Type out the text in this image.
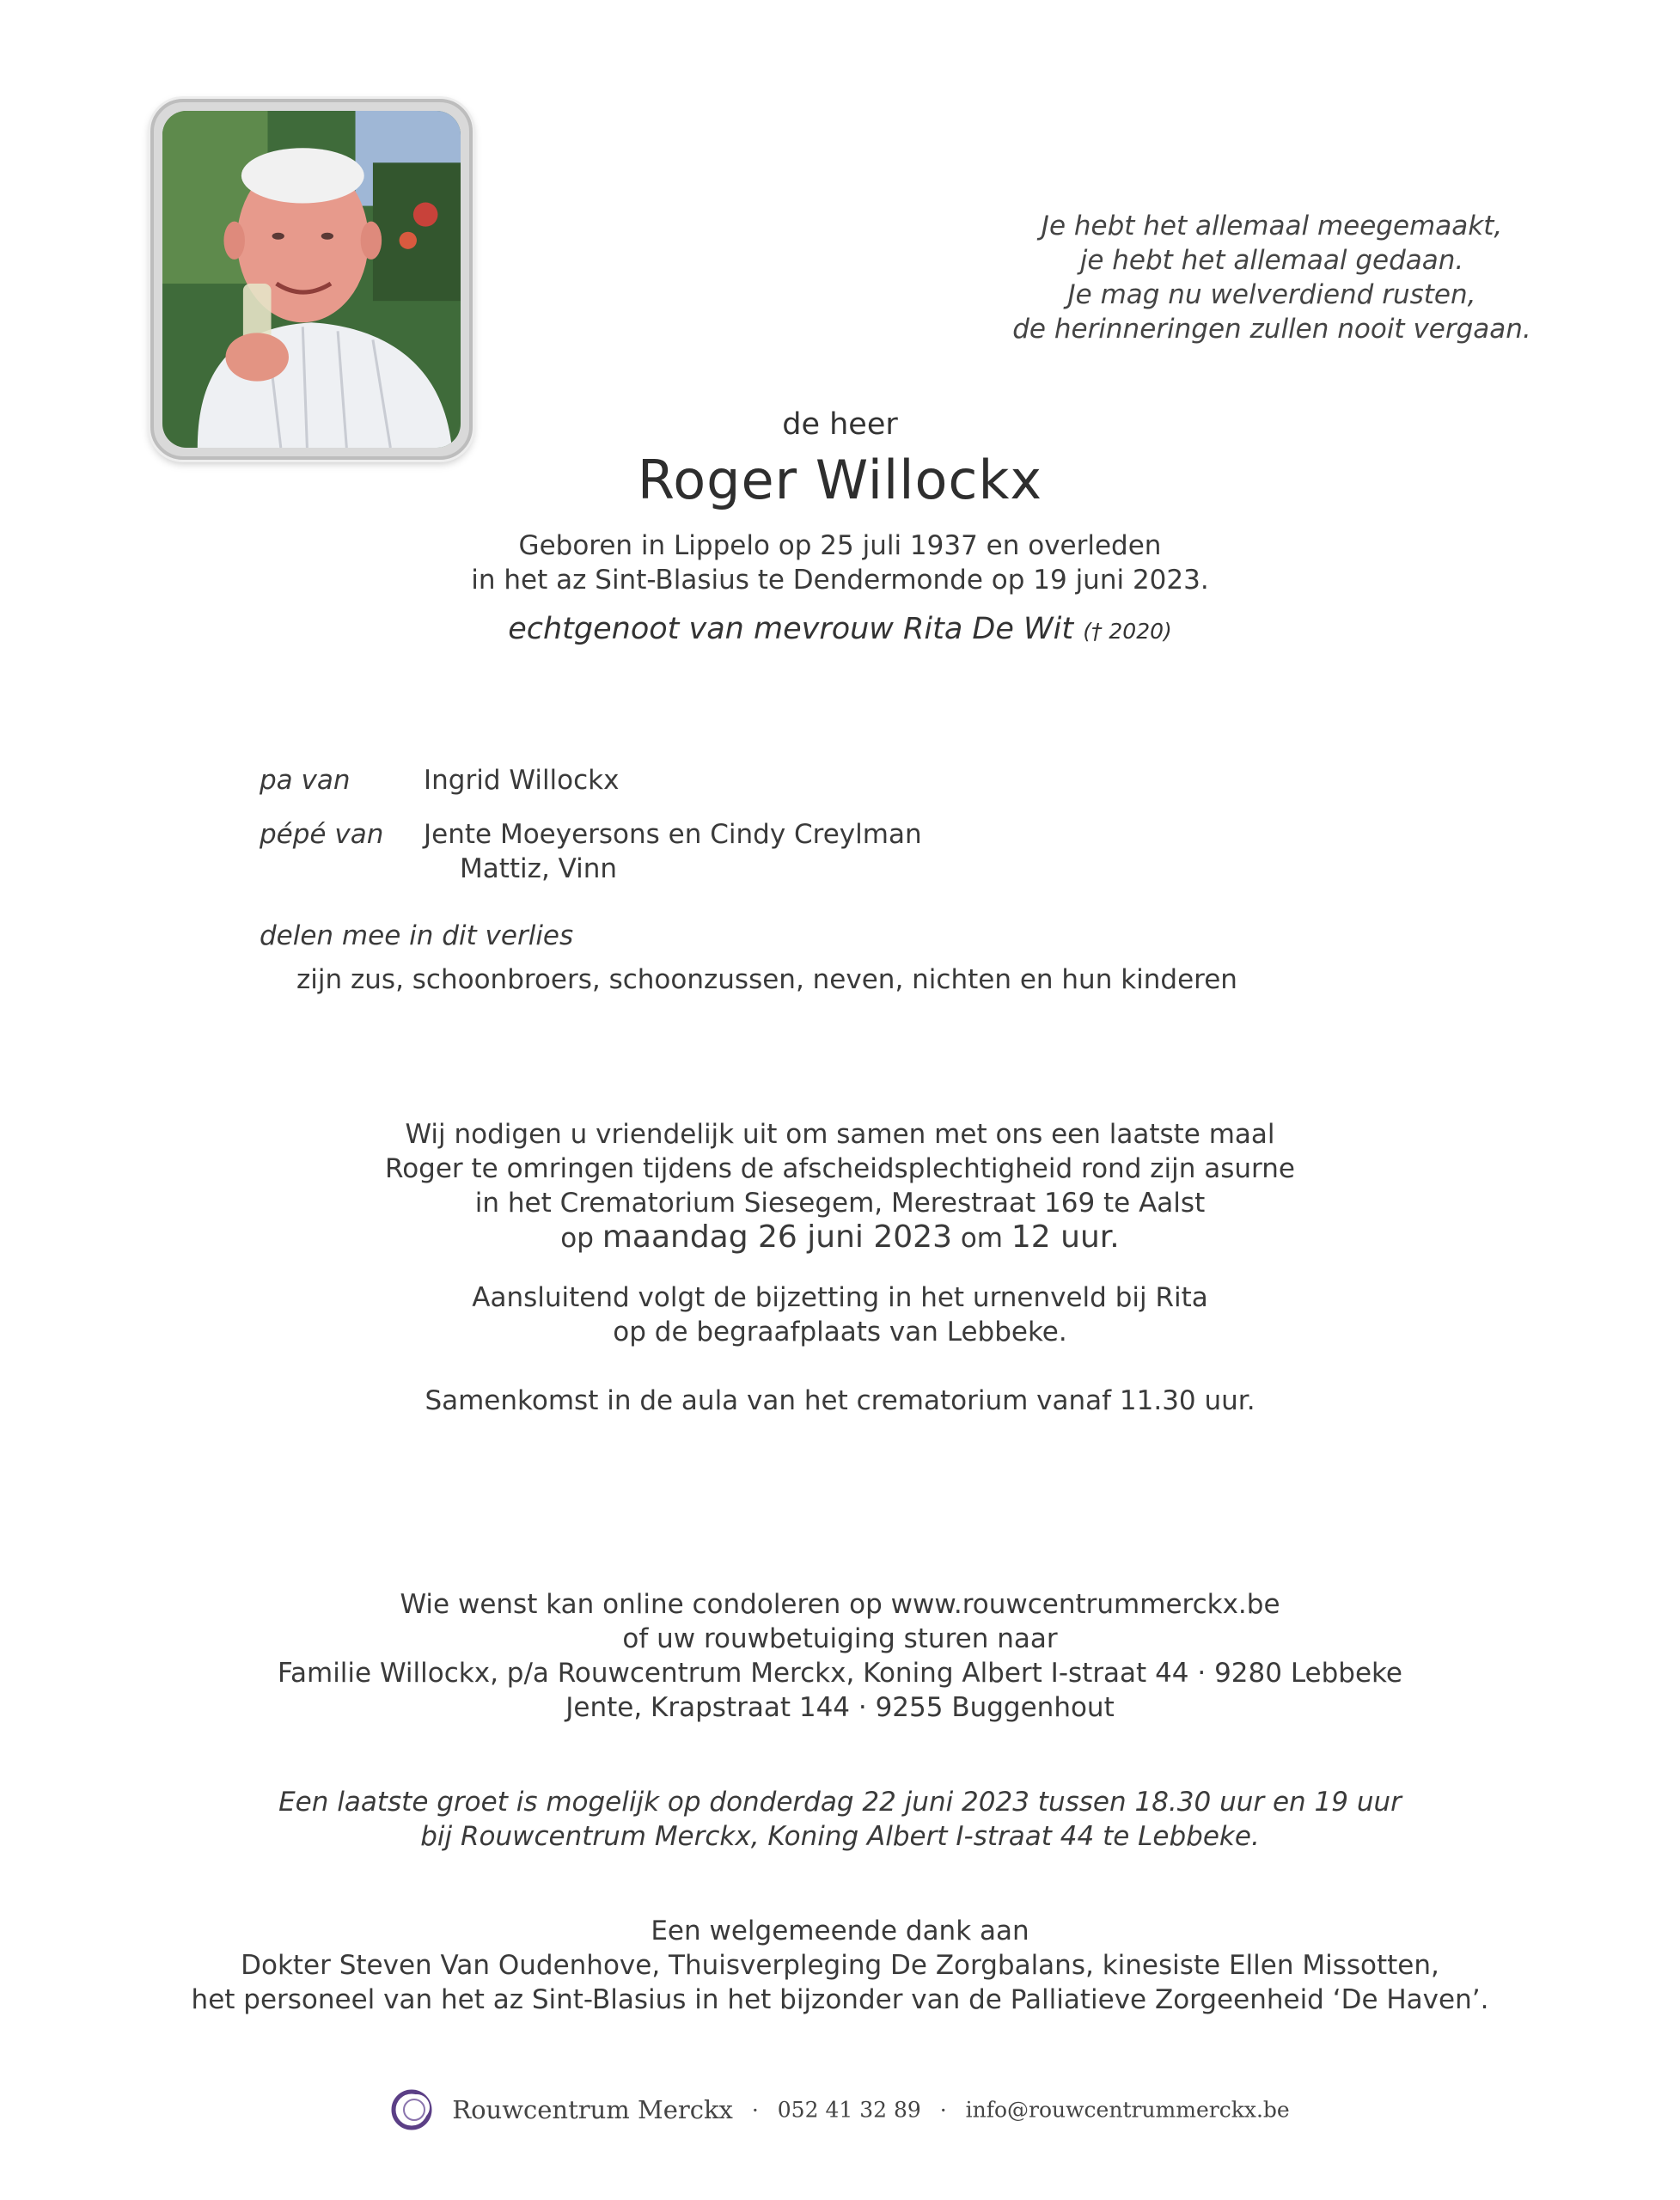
Je hebt het allemaal meegemaakt,
je hebt het allemaal gedaan.
Je mag nu welverdiend rusten,
de herinneringen zullen nooit vergaan.
de heer
Roger Willockx
Geboren in Lippelo op 25 juli 1937 en overleden
in het az Sint-Blasius te Dendermonde op 19 juni 2023.
echtgenoot van mevrouw Rita De Wit († 2020)
pa van	Ingrid Willockx
pépé van Jente Moeyersons en Cindy Creylman
Mattiz, Vinn
delen mee in dit verlies
zijn zus, schoonbroers, schoonzussen, neven, nichten en hun kinderen
Wij nodigen u vriendelijk uit om samen met ons een laatste maal
Roger te omringen tijdens de afscheidsplechtigheid rond zijn asurne
in het Crematorium Siesegem, Merestraat 169 te Aalst
op maandag 26 juni 2023 om 12 uur.
Aansluitend volgt de bijzetting in het urnenveld bij Rita
op de begraafplaats van Lebbeke.
Samenkomst in de aula van het crematorium vanaf 11.30 uur.
Wie wenst kan online condoleren op www.rouwcentrummerckx.be
of uw rouwbetuiging sturen naar
Familie Willockx, p/a Rouwcentrum Merckx, Koning Albert I-straat 44 · 9280 Lebbeke
Jente, Krapstraat 144 · 9255 Buggenhout
Een laatste groet is mogelijk op donderdag 22 juni 2023 tussen 18.30 uur en 19 uur
bij Rouwcentrum Merckx, Koning Albert I-straat 44 te Lebbeke.
Een welgemeende dank aan
Dokter Steven Van Oudenhove, Thuisverpleging De Zorgbalans, kinesiste Ellen Missotten,
het personeel van het az Sint-Blasius in het bijzonder van de Palliatieve Zorgeenheid ‘De Haven’.
Rouwcentrum Merckx · 052 41 32 89 · info@rouwcentrummerckx.be
